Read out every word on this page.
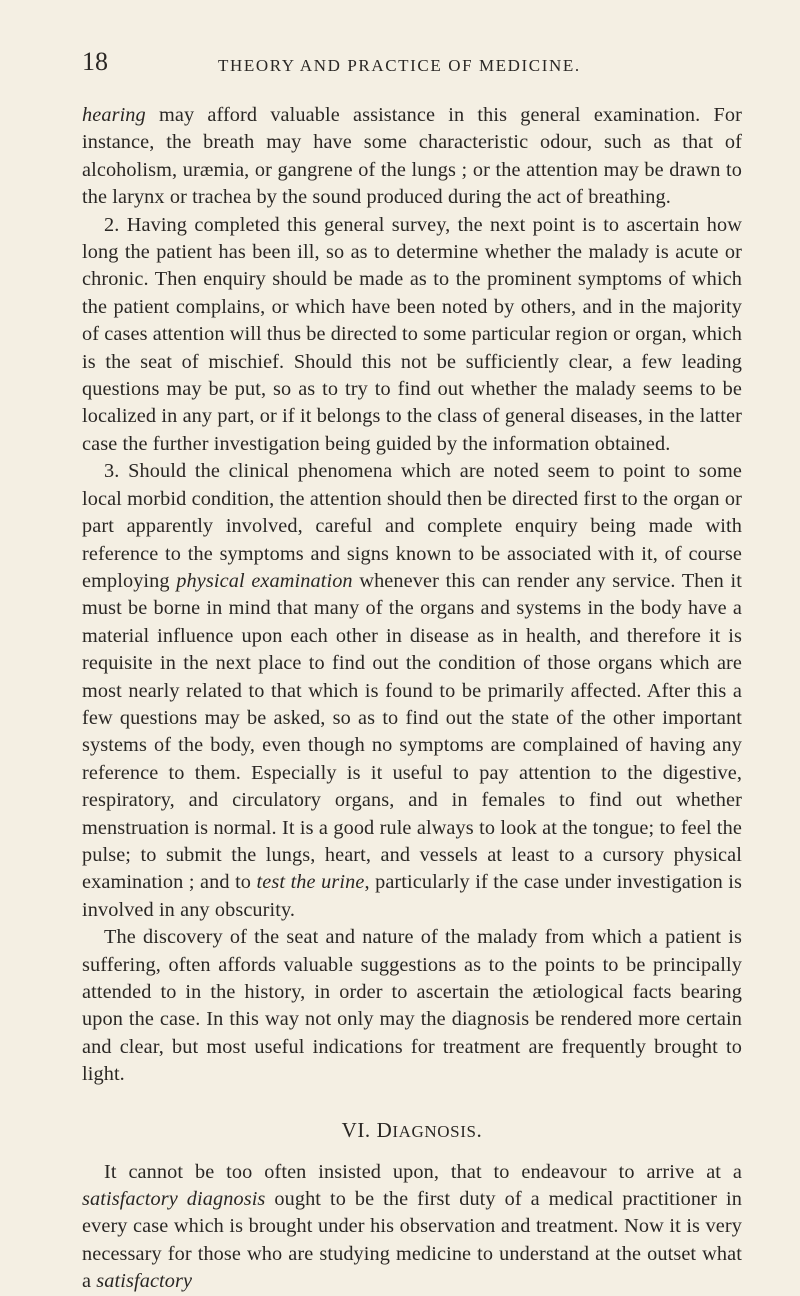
18	THEORY AND PRACTICE OF MEDICINE.

hearing may afford valuable assistance in this general examination. For instance, the breath may have some characteristic odour, such as that of alcoholism, uræmia, or gangrene of the lungs ; or the attention may be drawn to the larynx or trachea by the sound produced during the act of breathing.

2. Having completed this general survey, the next point is to ascertain how long the patient has been ill, so as to determine whether the malady is acute or chronic. Then enquiry should be made as to the prominent symptoms of which the patient complains, or which have been noted by others, and in the majority of cases attention will thus be directed to some particular region or organ, which is the seat of mischief. Should this not be sufficiently clear, a few leading questions may be put, so as to try to find out whether the malady seems to be localized in any part, or if it belongs to the class of general diseases, in the latter case the further investigation being guided by the information obtained.

3. Should the clinical phenomena which are noted seem to point to some local morbid condition, the attention should then be directed first to the organ or part apparently involved, careful and complete enquiry being made with reference to the symptoms and signs known to be associated with it, of course employing physical examination whenever this can render any service. Then it must be borne in mind that many of the organs and systems in the body have a material influence upon each other in disease as in health, and therefore it is requisite in the next place to find out the condition of those organs which are most nearly related to that which is found to be primarily affected. After this a few questions may be asked, so as to find out the state of the other important systems of the body, even though no symptoms are complained of having any reference to them. Especially is it useful to pay attention to the digestive, respiratory, and circulatory organs, and in females to find out whether menstruation is normal. It is a good rule always to look at the tongue; to feel the pulse; to submit the lungs, heart, and vessels at least to a cursory physical examination ; and to test the urine, particularly if the case under investigation is involved in any obscurity.

The discovery of the seat and nature of the malady from which a patient is suffering, often affords valuable suggestions as to the points to be principally attended to in the history, in order to ascertain the ætiological facts bearing upon the case. In this way not only may the diagnosis be rendered more certain and clear, but most useful indications for treatment are frequently brought to light.

VI. DIAGNOSIS.

It cannot be too often insisted upon, that to endeavour to arrive at a satisfactory diagnosis ought to be the first duty of a medical practitioner in every case which is brought under his observation and treatment. Now it is very necessary for those who are studying medicine to understand at the outset what a satisfactory
